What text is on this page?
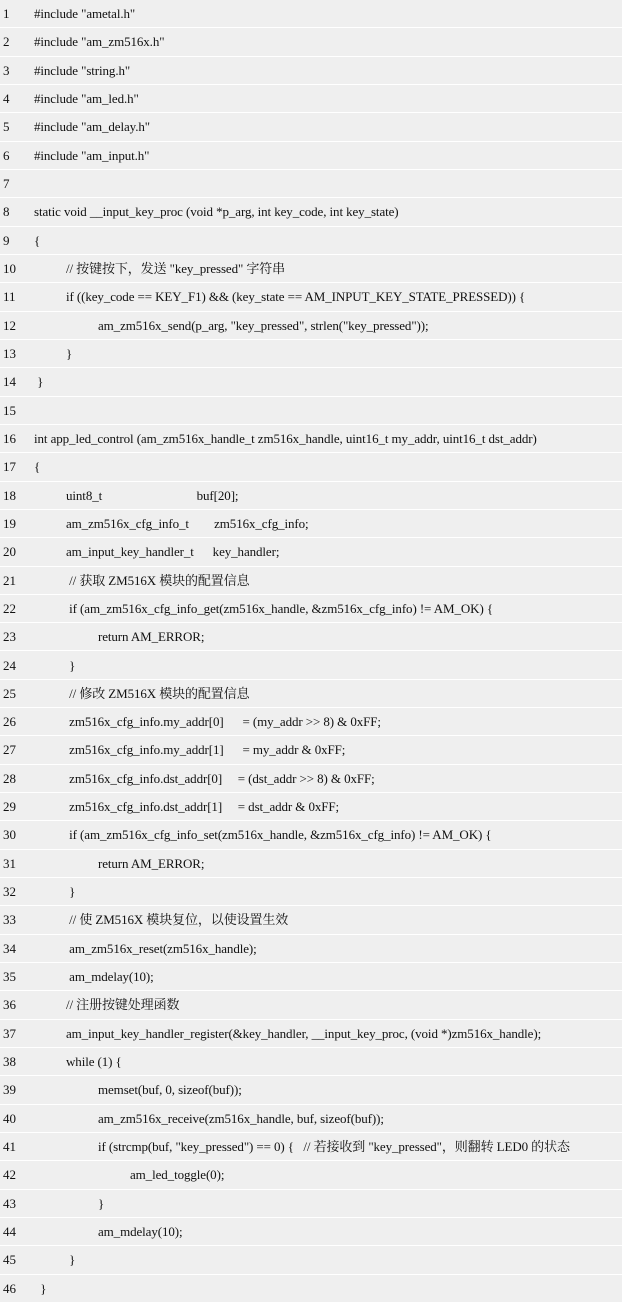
1	#include "ametal.h"
2	#include "am_zm516x.h"
3	#include "string.h"
4	#include "am_led.h"
5	#include "am_delay.h"
6	#include "am_input.h"
7
8	static void __input_key_proc (void *p_arg, int key_code, int key_state)
9	{
10	// 按键按下，发送 "key_pressed" 字符串
11	if ((key_code == KEY_F1) && (key_state == AM_INPUT_KEY_STATE_PRESSED)) {
12	am_zm516x_send(p_arg, "key_pressed", strlen("key_pressed"));
13	}
14	}
15
16	int app_led_control (am_zm516x_handle_t zm516x_handle, uint16_t my_addr, uint16_t dst_addr)
17	{
18	uint8_t                              buf[20];
19	am_zm516x_cfg_info_t        zm516x_cfg_info;
20	am_input_key_handler_t      key_handler;
21	// 获取 ZM516X 模块的配置信息
22	if (am_zm516x_cfg_info_get(zm516x_handle, &zm516x_cfg_info) != AM_OK) {
23	return AM_ERROR;
24	}
25	// 修改 ZM516X 模块的配置信息
26	zm516x_cfg_info.my_addr[0]      = (my_addr >> 8) & 0xFF;
27	zm516x_cfg_info.my_addr[1]      = my_addr & 0xFF;
28	zm516x_cfg_info.dst_addr[0]     = (dst_addr >> 8) & 0xFF;
29	zm516x_cfg_info.dst_addr[1]     = dst_addr & 0xFF;
30	if (am_zm516x_cfg_info_set(zm516x_handle, &zm516x_cfg_info) != AM_OK) {
31	return AM_ERROR;
32	}
33	// 使 ZM516X 模块复位，以使设置生效
34	am_zm516x_reset(zm516x_handle);
35	am_mdelay(10);
36	// 注册按键处理函数
37	am_input_key_handler_register(&key_handler, __input_key_proc, (void *)zm516x_handle);
38	while (1) {
39	memset(buf, 0, sizeof(buf));
40	am_zm516x_receive(zm516x_handle, buf, sizeof(buf));
41	if (strcmp(buf, "key_pressed") == 0) {   // 若接收到 "key_pressed"，则翻转 LED0 的状态
42	am_led_toggle(0);
43	}
44	am_mdelay(10);
45	}
46	}
